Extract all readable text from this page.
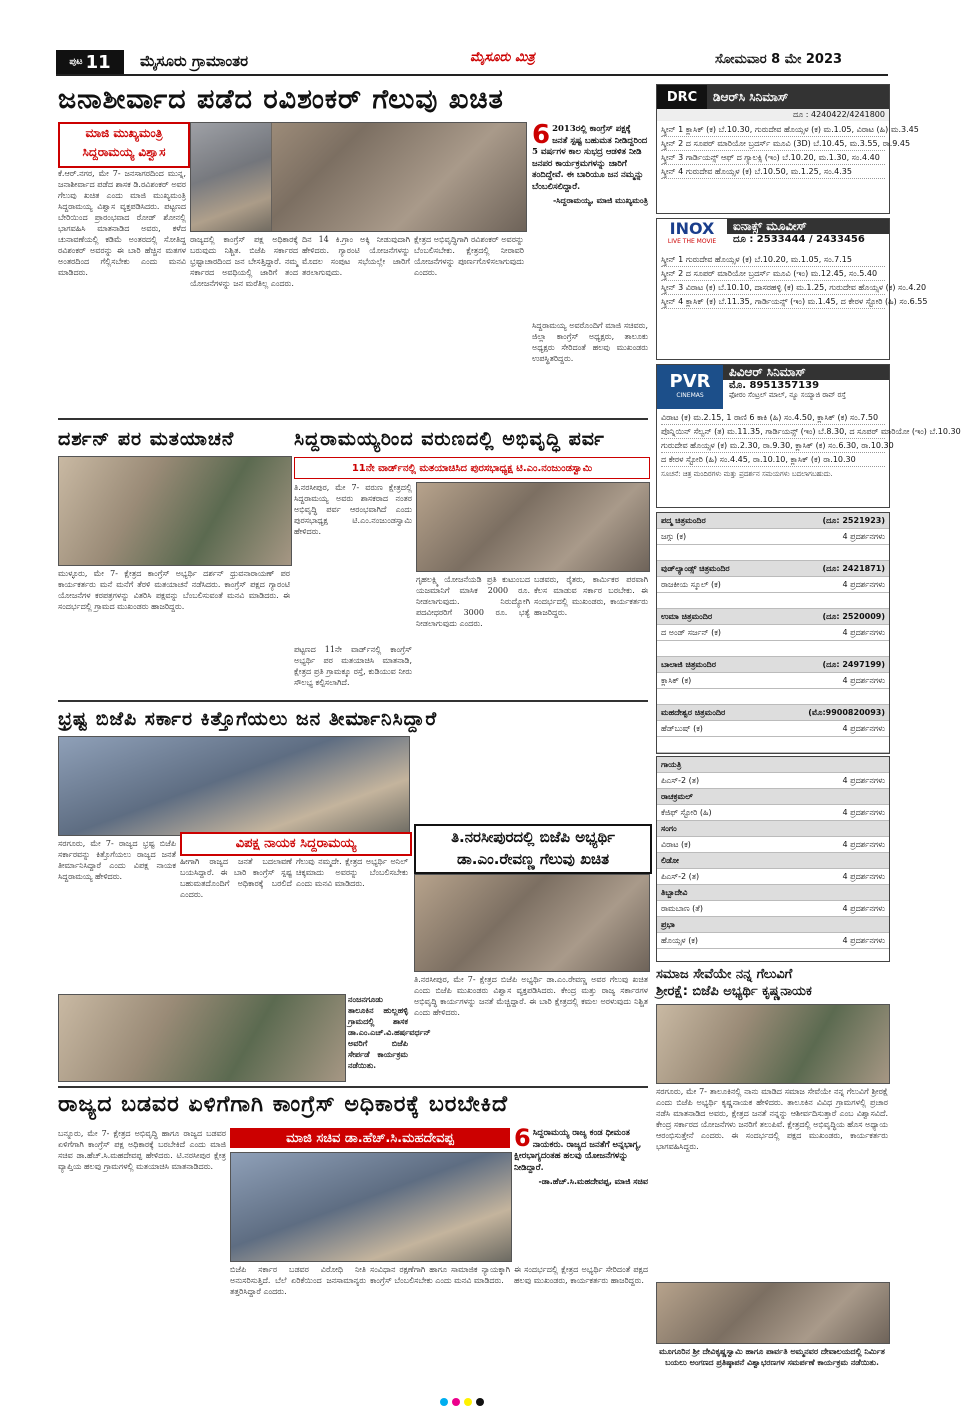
ಪುಟ 11 ಮೈಸೂರು ಗ್ರಾಮಾಂತರ	ಮೈಸೂರು ಮಿತ್ರ	ಸೋಮವಾರ 8 ಮೇ 2023
ಜನಾಶೀರ್ವಾದ ಪಡೆದ ರವಿಶಂಕರ್ ಗೆಲುವು ಖಚಿತ
ಮಾಜಿ ಮುಖ್ಯಮಂತ್ರಿ ಸಿದ್ದರಾಮಯ್ಯ ವಿಶ್ವಾಸ
ಕೆ.ಆರ್.ನಗರ, ಮೇ 7- ಜನಸಾಗರದಿಂದ ಮುನ್ನ, ಜನಾಶೀರ್ವಾದ ಪಡೆದ ಶಾಸಕ ಡಿ.ರವಿಶಂಕರ್ ಅವರ ಗೆಲುವು ಖಚಿತ ಎಂದು ಮಾಜಿ ಮುಖ್ಯಮಂತ್ರಿ ಸಿದ್ದರಾಮಯ್ಯ ವಿಶ್ವಾಸ ವ್ಯಕ್ತಪಡಿಸಿದರು. ಪಟ್ಟಣದ ಬೇರಿಯಿಂದ ಪ್ರಾರಂಭವಾದ ರೋಡ್ ಶೋನಲ್ಲಿ ಭಾಗವಹಿಸಿ ಮಾತನಾಡಿದ ಅವರು, ಕಳೆದ ಚುನಾವಣೆಯಲ್ಲಿ ಕಡಿಮೆ ಅಂತರದಲ್ಲಿ ಸೋತಿದ್ದ ರವಿಶಂಕರ್ ಅವರನ್ನು ಈ ಬಾರಿ ಹೆಚ್ಚಿನ ಮತಗಳ ಅಂತರದಿಂದ ಗೆಲ್ಲಿಸಬೇಕು ಎಂದು ಮನವಿ ಮಾಡಿದರು.
ರಾಜ್ಯದಲ್ಲಿ ಕಾಂಗ್ರೆಸ್ ಪಕ್ಷ ಅಧಿಕಾರಕ್ಕೆ ಬರುವುದು ನಿಶ್ಚಿತ. ಬಿಜೆಪಿ ಸರ್ಕಾರದ ಭ್ರಷ್ಟಾಚಾರದಿಂದ ಜನ ಬೇಸತ್ತಿದ್ದಾರೆ. ನಮ್ಮ ಸರ್ಕಾರದ ಅವಧಿಯಲ್ಲಿ ಜಾರಿಗೆ ತಂದ ಯೋಜನೆಗಳನ್ನು ಜನ ಮರೆತಿಲ್ಲ ಎಂದರು.
ದಿನ 14 ಕಿ.ಗ್ರಾಂ ಅಕ್ಕಿ ನೀಡುವುದಾಗಿ ಹೇಳಿದರು. ಗ್ಯಾರಂಟಿ ಯೋಜನೆಗಳನ್ನು ಮೊದಲ ಸಂಪುಟ ಸಭೆಯಲ್ಲೇ ಜಾರಿಗೆ ತರಲಾಗುವುದು.
ಕ್ಷೇತ್ರದ ಅಭಿವೃದ್ಧಿಗಾಗಿ ರವಿಶಂಕರ್ ಅವರನ್ನು ಬೆಂಬಲಿಸಬೇಕು. ಕ್ಷೇತ್ರದಲ್ಲಿ ನೀರಾವರಿ ಯೋಜನೆಗಳನ್ನು ಪೂರ್ಣಗೊಳಿಸಲಾಗುವುದು ಎಂದರು.
6 2013ರಲ್ಲಿ ಕಾಂಗ್ರೆಸ್ ಪಕ್ಷಕ್ಕೆ ಜನತೆ ಸ್ಪಷ್ಟ ಬಹುಮತ ನೀಡಿದ್ದರಿಂದ 5 ವರ್ಷಗಳ ಕಾಲ ಸುಭದ್ರ ಆಡಳಿತ ನೀಡಿ ಜನಪರ ಕಾರ್ಯಕ್ರಮಗಳನ್ನು ಜಾರಿಗೆ ತಂದಿದ್ದೇವೆ. ಈ ಬಾರಿಯೂ ಜನ ನಮ್ಮನ್ನು ಬೆಂಬಲಿಸಲಿದ್ದಾರೆ.
-ಸಿದ್ದರಾಮಯ್ಯ, ಮಾಜಿ ಮುಖ್ಯಮಂತ್ರಿ
ಸಿದ್ದರಾಮಯ್ಯ ಅವರೊಂದಿಗೆ ಮಾಜಿ ಸಚಿವರು, ಜಿಲ್ಲಾ ಕಾಂಗ್ರೆಸ್ ಅಧ್ಯಕ್ಷರು, ತಾಲೂಕು ಅಧ್ಯಕ್ಷರು ಸೇರಿದಂತೆ ಹಲವು ಮುಖಂಡರು ಉಪಸ್ಥಿತರಿದ್ದರು.
ದರ್ಶನ್ ಪರ ಮತಯಾಚನೆ
ಮುಳ್ಳೂರು, ಮೇ 7- ಕ್ಷೇತ್ರದ ಕಾಂಗ್ರೆಸ್ ಅಭ್ಯರ್ಥಿ ದರ್ಶನ್ ಧ್ರುವನಾರಾಯಣ್ ಪರ ಕಾರ್ಯಕರ್ತರು ಮನೆ ಮನೆಗೆ ತೆರಳಿ ಮತಯಾಚನೆ ನಡೆಸಿದರು. ಕಾಂಗ್ರೆಸ್ ಪಕ್ಷದ ಗ್ಯಾರಂಟಿ ಯೋಜನೆಗಳ ಕರಪತ್ರಗಳನ್ನು ವಿತರಿಸಿ ಪಕ್ಷವನ್ನು ಬೆಂಬಲಿಸುವಂತೆ ಮನವಿ ಮಾಡಿದರು. ಈ ಸಂದರ್ಭದಲ್ಲಿ ಗ್ರಾಮದ ಮುಖಂಡರು ಹಾಜರಿದ್ದರು.
ಸಿದ್ದರಾಮಯ್ಯರಿಂದ ವರುಣದಲ್ಲಿ ಅಭಿವೃದ್ಧಿ ಪರ್ವ
11ನೇ ವಾರ್ಡ್‌ನಲ್ಲಿ ಮತಯಾಚಿಸಿದ ಪುರಸಭಾಧ್ಯಕ್ಷ ಟಿ.ಎಂ.ನಂಜುಂಡಸ್ವಾಮಿ
ತಿ.ನರಸೀಪುರ, ಮೇ 7- ವರುಣ ಕ್ಷೇತ್ರದಲ್ಲಿ ಸಿದ್ದರಾಮಯ್ಯ ಅವರು ಶಾಸಕರಾದ ನಂತರ ಅಭಿವೃದ್ಧಿ ಪರ್ವ ಆರಂಭವಾಗಿದೆ ಎಂದು ಪುರಸಭಾಧ್ಯಕ್ಷ ಟಿ.ಎಂ.ನಂಜುಂಡಸ್ವಾಮಿ ಹೇಳಿದರು.
ಗೃಹಲಕ್ಷ್ಮಿ ಯೋಜನೆಯಡಿ ಪ್ರತಿ ಕುಟುಂಬದ ಯಜಮಾನಿಗೆ ಮಾಸಿಕ 2000 ರೂ. ನೀಡಲಾಗುವುದು. ನಿರುದ್ಯೋಗಿ ಪದವೀಧರರಿಗೆ 3000 ರೂ. ಭತ್ಯೆ ನೀಡಲಾಗುವುದು ಎಂದರು.
ಬಡವರು, ರೈತರು, ಕಾರ್ಮಿಕರ ಪರವಾಗಿ ಕೆಲಸ ಮಾಡುವ ಸರ್ಕಾರ ಬರಬೇಕು. ಈ ಸಂದರ್ಭದಲ್ಲಿ ಮುಖಂಡರು, ಕಾರ್ಯಕರ್ತರು ಹಾಜರಿದ್ದರು.
ಪಟ್ಟಣದ 11ನೇ ವಾರ್ಡ್‌ನಲ್ಲಿ ಕಾಂಗ್ರೆಸ್ ಅಭ್ಯರ್ಥಿ ಪರ ಮತಯಾಚಿಸಿ ಮಾತನಾಡಿ, ಕ್ಷೇತ್ರದ ಪ್ರತಿ ಗ್ರಾಮಕ್ಕೂ ರಸ್ತೆ, ಕುಡಿಯುವ ನೀರು ಸೌಲಭ್ಯ ಕಲ್ಪಿಸಲಾಗಿದೆ.
ಭ್ರಷ್ಟ ಬಿಜೆಪಿ ಸರ್ಕಾರ ಕಿತ್ತೊಗೆಯಲು ಜನ ತೀರ್ಮಾನಿಸಿದ್ದಾರೆ
ವಿಪಕ್ಷ ನಾಯಕ ಸಿದ್ದರಾಮಯ್ಯ
ಸರಗೂರು, ಮೇ 7- ರಾಜ್ಯದ ಭ್ರಷ್ಟ ಬಿಜೆಪಿ ಸರ್ಕಾರವನ್ನು ಕಿತ್ತೊಗೆಯಲು ರಾಜ್ಯದ ಜನತೆ ತೀರ್ಮಾನಿಸಿದ್ದಾರೆ ಎಂದು ವಿಪಕ್ಷ ನಾಯಕ ಸಿದ್ದರಾಮಯ್ಯ ಹೇಳಿದರು.
ಹೀಗಾಗಿ ರಾಜ್ಯದ ಜನತೆ ಬದಲಾವಣೆ ಬಯಸಿದ್ದಾರೆ. ಈ ಬಾರಿ ಕಾಂಗ್ರೆಸ್ ಸ್ಪಷ್ಟ ಬಹುಮತದೊಂದಿಗೆ ಅಧಿಕಾರಕ್ಕೆ ಬರಲಿದೆ ಎಂದರು.
ಗೆಲುವು ನಮ್ಮದೇ. ಕ್ಷೇತ್ರದ ಅಭ್ಯರ್ಥಿ ಅನಿಲ್ ಚಿಕ್ಕಮಾದು ಅವರನ್ನು ಬೆಂಬಲಿಸಬೇಕು ಎಂದು ಮನವಿ ಮಾಡಿದರು.
ನಂಜನಗೂಡು ತಾಲೂಕಿನ ಹುಲ್ಲಹಳ್ಳಿ ಗ್ರಾಮದಲ್ಲಿ ಶಾಸಕ ಡಾ.ಎಂ.ಎಚ್.ವಿ.ಹರ್ಷವರ್ಧನ್ ಅವರಿಗೆ ಬಿಜೆಪಿ ಸೇರ್ಪಡೆ ಕಾರ್ಯಕ್ರಮ ನಡೆಯಿತು.
ತಿ.ನರಸೀಪುರದಲ್ಲಿ ಬಿಜೆಪಿ ಅಭ್ಯರ್ಥಿ
ಡಾ.ಎಂ.ರೇವಣ್ಣ ಗೆಲುವು ಖಚಿತ
ತಿ.ನರಸೀಪುರ, ಮೇ 7- ಕ್ಷೇತ್ರದ ಬಿಜೆಪಿ ಅಭ್ಯರ್ಥಿ ಡಾ.ಎಂ.ರೇವಣ್ಣ ಅವರ ಗೆಲುವು ಖಚಿತ ಎಂದು ಬಿಜೆಪಿ ಮುಖಂಡರು ವಿಶ್ವಾಸ ವ್ಯಕ್ತಪಡಿಸಿದರು. ಕೇಂದ್ರ ಮತ್ತು ರಾಜ್ಯ ಸರ್ಕಾರಗಳ ಅಭಿವೃದ್ಧಿ ಕಾರ್ಯಗಳನ್ನು ಜನತೆ ಮೆಚ್ಚಿದ್ದಾರೆ. ಈ ಬಾರಿ ಕ್ಷೇತ್ರದಲ್ಲಿ ಕಮಲ ಅರಳುವುದು ನಿಶ್ಚಿತ ಎಂದು ಹೇಳಿದರು.
ರಾಜ್ಯದ ಬಡವರ ಏಳಿಗೆಗಾಗಿ ಕಾಂಗ್ರೆಸ್ ಅಧಿಕಾರಕ್ಕೆ ಬರಬೇಕಿದೆ
ಬನ್ನೂರು, ಮೇ 7- ಕ್ಷೇತ್ರದ ಅಭಿವೃದ್ಧಿ ಹಾಗೂ ರಾಜ್ಯದ ಬಡವರ ಏಳಿಗೆಗಾಗಿ ಕಾಂಗ್ರೆಸ್ ಪಕ್ಷ ಅಧಿಕಾರಕ್ಕೆ ಬರಬೇಕಿದೆ ಎಂದು ಮಾಜಿ ಸಚಿವ ಡಾ.ಹೆಚ್.ಸಿ.ಮಹದೇವಪ್ಪ ಹೇಳಿದರು. ಟಿ.ನರಸೀಪುರ ಕ್ಷೇತ್ರ ವ್ಯಾಪ್ತಿಯ ಹಲವು ಗ್ರಾಮಗಳಲ್ಲಿ ಮತಯಾಚಿಸಿ ಮಾತನಾಡಿದರು.
ಮಾಜಿ ಸಚಿವ ಡಾ.ಹೆಚ್.ಸಿ.ಮಹದೇವಪ್ಪ
ಬಿಜೆಪಿ ಸರ್ಕಾರ ಬಡವರ ವಿರೋಧಿ ನೀತಿ ಅನುಸರಿಸುತ್ತಿದೆ. ಬೆಲೆ ಏರಿಕೆಯಿಂದ ಜನಸಾಮಾನ್ಯರು ತತ್ತರಿಸಿದ್ದಾರೆ ಎಂದರು.
ಸಂವಿಧಾನ ರಕ್ಷಣೆಗಾಗಿ ಹಾಗೂ ಸಾಮಾಜಿಕ ನ್ಯಾಯಕ್ಕಾಗಿ ಕಾಂಗ್ರೆಸ್ ಬೆಂಬಲಿಸಬೇಕು ಎಂದು ಮನವಿ ಮಾಡಿದರು.
6 ಸಿದ್ದರಾಮಯ್ಯ ರಾಜ್ಯ ಕಂಡ ಧೀಮಂತ ನಾಯಕರು. ರಾಜ್ಯದ ಜನತೆಗೆ ಅನ್ನಭಾಗ್ಯ, ಕ್ಷೀರಭಾಗ್ಯದಂತಹ ಹಲವು ಯೋಜನೆಗಳನ್ನು ನೀಡಿದ್ದಾರೆ.
-ಡಾ.ಹೆಚ್.ಸಿ.ಮಹದೇವಪ್ಪ, ಮಾಜಿ ಸಚಿವ
ಈ ಸಂದರ್ಭದಲ್ಲಿ ಕ್ಷೇತ್ರದ ಅಭ್ಯರ್ಥಿ ಸೇರಿದಂತೆ ಪಕ್ಷದ ಹಲವು ಮುಖಂಡರು, ಕಾರ್ಯಕರ್ತರು ಹಾಜರಿದ್ದರು.
DRC	ಡಿಆರ್‌ಸಿ ಸಿನಿಮಾಸ್
ದೂ : 4240422/4241800
ಸ್ಕ್ರೀನ್ 1 ಕ್ಲಾಸಿಕ್ (ಕ) ಬೆ.10.30, ಗುರುದೇವ ಹೊಯ್ಸಳ (ಕ) ಮ.1.05, ವಿರಾಟ (ಹಿ) ಮ.3.45
ಸ್ಕ್ರೀನ್ 2 ದ ಸೂಪರ್ ಮಾರಿಯೋ ಬ್ರದರ್ಸ್ ಮೂವಿ (3D) ಬೆ.10.45, ಮ.3.55, ರಾ.9.45
ಸ್ಕ್ರೀನ್ 3 ಗಾರ್ಡಿಯನ್ಸ್ ಆಫ್ ದ ಗ್ಯಾಲಕ್ಸಿ (ಇಂ) ಬೆ.10.20, ಮ.1.30, ಸಂ.4.40
ಸ್ಕ್ರೀನ್ 4 ಗುರುದೇವ ಹೊಯ್ಸಳ (ಕ) ಬೆ.10.50, ಮ.1.25, ಸಂ.4.35
INOX
LIVE THE MOVIE
ಐನಾಕ್ಸ್ ಮೂವೀಸ್
ದೂ : 2533444 / 2433456
ಸ್ಕ್ರೀನ್ 1 ಗುರುದೇವ ಹೊಯ್ಸಳ (ಕ) ಬೆ.10.20, ಮ.1.05, ಸಂ.7.15
ಸ್ಕ್ರೀನ್ 2 ದ ಸೂಪರ್ ಮಾರಿಯೋ ಬ್ರದರ್ಸ್ ಮೂವಿ (ಇಂ) ಮ.12.45, ಸಂ.5.40
ಸ್ಕ್ರೀನ್ 3 ವಿರಾಟ (ಕ) ಬೆ.10.10, ದಾಸರಹಳ್ಳಿ (ಕ) ಮ.1.25, ಗುರುದೇವ ಹೊಯ್ಸಳ (ಕ) ಸಂ.4.20
ಸ್ಕ್ರೀನ್ 4 ಕ್ಲಾಸಿಕ್ (ಕ) ಬೆ.11.35, ಗಾರ್ಡಿಯನ್ಸ್ (ಇಂ) ಮ.1.45, ದ ಕೇರಳ ಸ್ಟೋರಿ (ಹಿ) ಸಂ.6.55
PVR
CINEMAS
ಪಿವಿಆರ್ ಸಿನಿಮಾಸ್
ಮೊ. 8951357139
ಫೋರಂ ಸೆಂಟ್ರಲ್ ಮಾಲ್, ನ್ಯೂ ಸಯ್ಯಾಜಿ ರಾವ್ ರಸ್ತೆ
ವಿರಾಟ (ಕ) ಮ.2.15, 1 ರಾಣಿ 6 ಕಾಕಿ (ಹಿ) ಸಂ.4.50, ಕ್ಲಾಸಿಕ್ (ಕ) ಸಂ.7.50
ಪೊನ್ನಿಯಿನ್ ಸೆಲ್ವನ್ (ತ) ಮ.11.35, ಗಾರ್ಡಿಯನ್ಸ್ (ಇಂ) ಬೆ.8.30, ದ ಸೂಪರ್ ಮಾರಿಯೋ (ಇಂ) ಬೆ.10.30
ಗುರುದೇವ ಹೊಯ್ಸಳ (ಕ) ಮ.2.30, ರಾ.9.30, ಕ್ಲಾಸಿಕ್ (ಕ) ಸಂ.6.30, ರಾ.10.30
ದ ಕೇರಳ ಸ್ಟೋರಿ (ಹಿ) ಸಂ.4.45, ರಾ.10.10, ಕ್ಲಾಸಿಕ್ (ಕ) ರಾ.10.30
ಸೂಚನೆ: ಚಿತ್ರ ಮಂದಿರಗಳು ಮತ್ತು ಪ್ರದರ್ಶನ ಸಮಯಗಳು ಬದಲಾಗಬಹುದು.
ಪದ್ಮ ಚಿತ್ರಮಂದಿರ	(ದೂ: 2521923)
ಜಗ್ಗು (ಕ)	4 ಪ್ರದರ್ಶನಗಳು
ವುಡ್‌ಲ್ಯಾಂಡ್ಸ್ ಚಿತ್ರಮಂದಿರ	(ದೂ: 2421871)
ರಾಜಕೀಯ ಸ್ಕೂಲ್ (ಕ)	4 ಪ್ರದರ್ಶನಗಳು
ಉಮಾ ಚಿತ್ರಮಂದಿರ	(ದೂ: 2520009)
ದ ಅಂಡ್ ಸರ್ಜನ್ (ಕ)	4 ಪ್ರದರ್ಶನಗಳು
ಬಾಲಾಜಿ ಚಿತ್ರಮಂದಿರ	(ದೂ: 2497199)
ಕ್ಲಾಸಿಕ್ (ಕ)	4 ಪ್ರದರ್ಶನಗಳು
ಮಹದೇಶ್ವರ ಚಿತ್ರಮಂದಿರ	(ಮೊ:9900820093)
ಹೆಡ್‌ಬುಷ್ (ಕ)	4 ಪ್ರದರ್ಶನಗಳು
ಗಾಯತ್ರಿ
ಪಿಎಸ್-2 (ತ)	4 ಪ್ರದರ್ಶನಗಳು
ರಾಚಕ್ರಮಲ್
ಕೆಜಿಫ್ ಸ್ಟೋರಿ (ಹಿ)	4 ಪ್ರದರ್ಶನಗಳು
ಸಂಗಂ
ವಿರಾಟ (ಕ)	4 ಪ್ರದರ್ಶನಗಳು
ಲಿಡೋ
ಪಿಎಸ್-2 (ತ)	4 ಪ್ರದರ್ಶನಗಳು
ತಿಬ್ಬಾದೇವಿ
ರಾಮಬಾಣ (ತೆ)	4 ಪ್ರದರ್ಶನಗಳು
ಪ್ರಭಾ
ಹೊಯ್ಸಳ (ಕ)	4 ಪ್ರದರ್ಶನಗಳು
ಸಮಾಜ ಸೇವೆಯೇ ನನ್ನ ಗೆಲುವಿಗೆ
ಶ್ರೀರಕ್ಷೆ: ಬಿಜೆಪಿ ಅಭ್ಯರ್ಥಿ ಕೃಷ್ಣನಾಯಕ
ಸರಗೂರು, ಮೇ 7- ತಾಲೂಕಿನಲ್ಲಿ ನಾನು ಮಾಡಿದ ಸಮಾಜ ಸೇವೆಯೇ ನನ್ನ ಗೆಲುವಿಗೆ ಶ್ರೀರಕ್ಷೆ ಎಂದು ಬಿಜೆಪಿ ಅಭ್ಯರ್ಥಿ ಕೃಷ್ಣನಾಯಕ ಹೇಳಿದರು. ತಾಲೂಕಿನ ವಿವಿಧ ಗ್ರಾಮಗಳಲ್ಲಿ ಪ್ರಚಾರ ನಡೆಸಿ ಮಾತನಾಡಿದ ಅವರು, ಕ್ಷೇತ್ರದ ಜನತೆ ನನ್ನನ್ನು ಆಶೀರ್ವದಿಸುತ್ತಾರೆ ಎಂಬ ವಿಶ್ವಾಸವಿದೆ. ಕೇಂದ್ರ ಸರ್ಕಾರದ ಯೋಜನೆಗಳು ಜನರಿಗೆ ತಲುಪಿವೆ. ಕ್ಷೇತ್ರದಲ್ಲಿ ಅಭಿವೃದ್ಧಿಯ ಹೊಸ ಅಧ್ಯಾಯ ಆರಂಭಿಸುತ್ತೇನೆ ಎಂದರು. ಈ ಸಂದರ್ಭದಲ್ಲಿ ಪಕ್ಷದ ಮುಖಂಡರು, ಕಾರ್ಯಕರ್ತರು ಭಾಗವಹಿಸಿದ್ದರು.
ಮೂಗೂರಿನ ಶ್ರೀ ದೇವಿಕೃಷ್ಣಸ್ವಾಮಿ ಹಾಗೂ ಪಾರ್ವತಿ ಅಮ್ಮನವರ ದೇವಾಲಯದಲ್ಲಿ ನಿರ್ಮಿತ ಬಯಲು ಅಂಗಣದ ಪ್ರತಿಷ್ಠಾಪನೆ ವಿಶ್ವಾಭರಣಗಳ ಸಮರ್ಪಣೆ ಕಾರ್ಯಕ್ರಮ ನಡೆಯಿತು.
